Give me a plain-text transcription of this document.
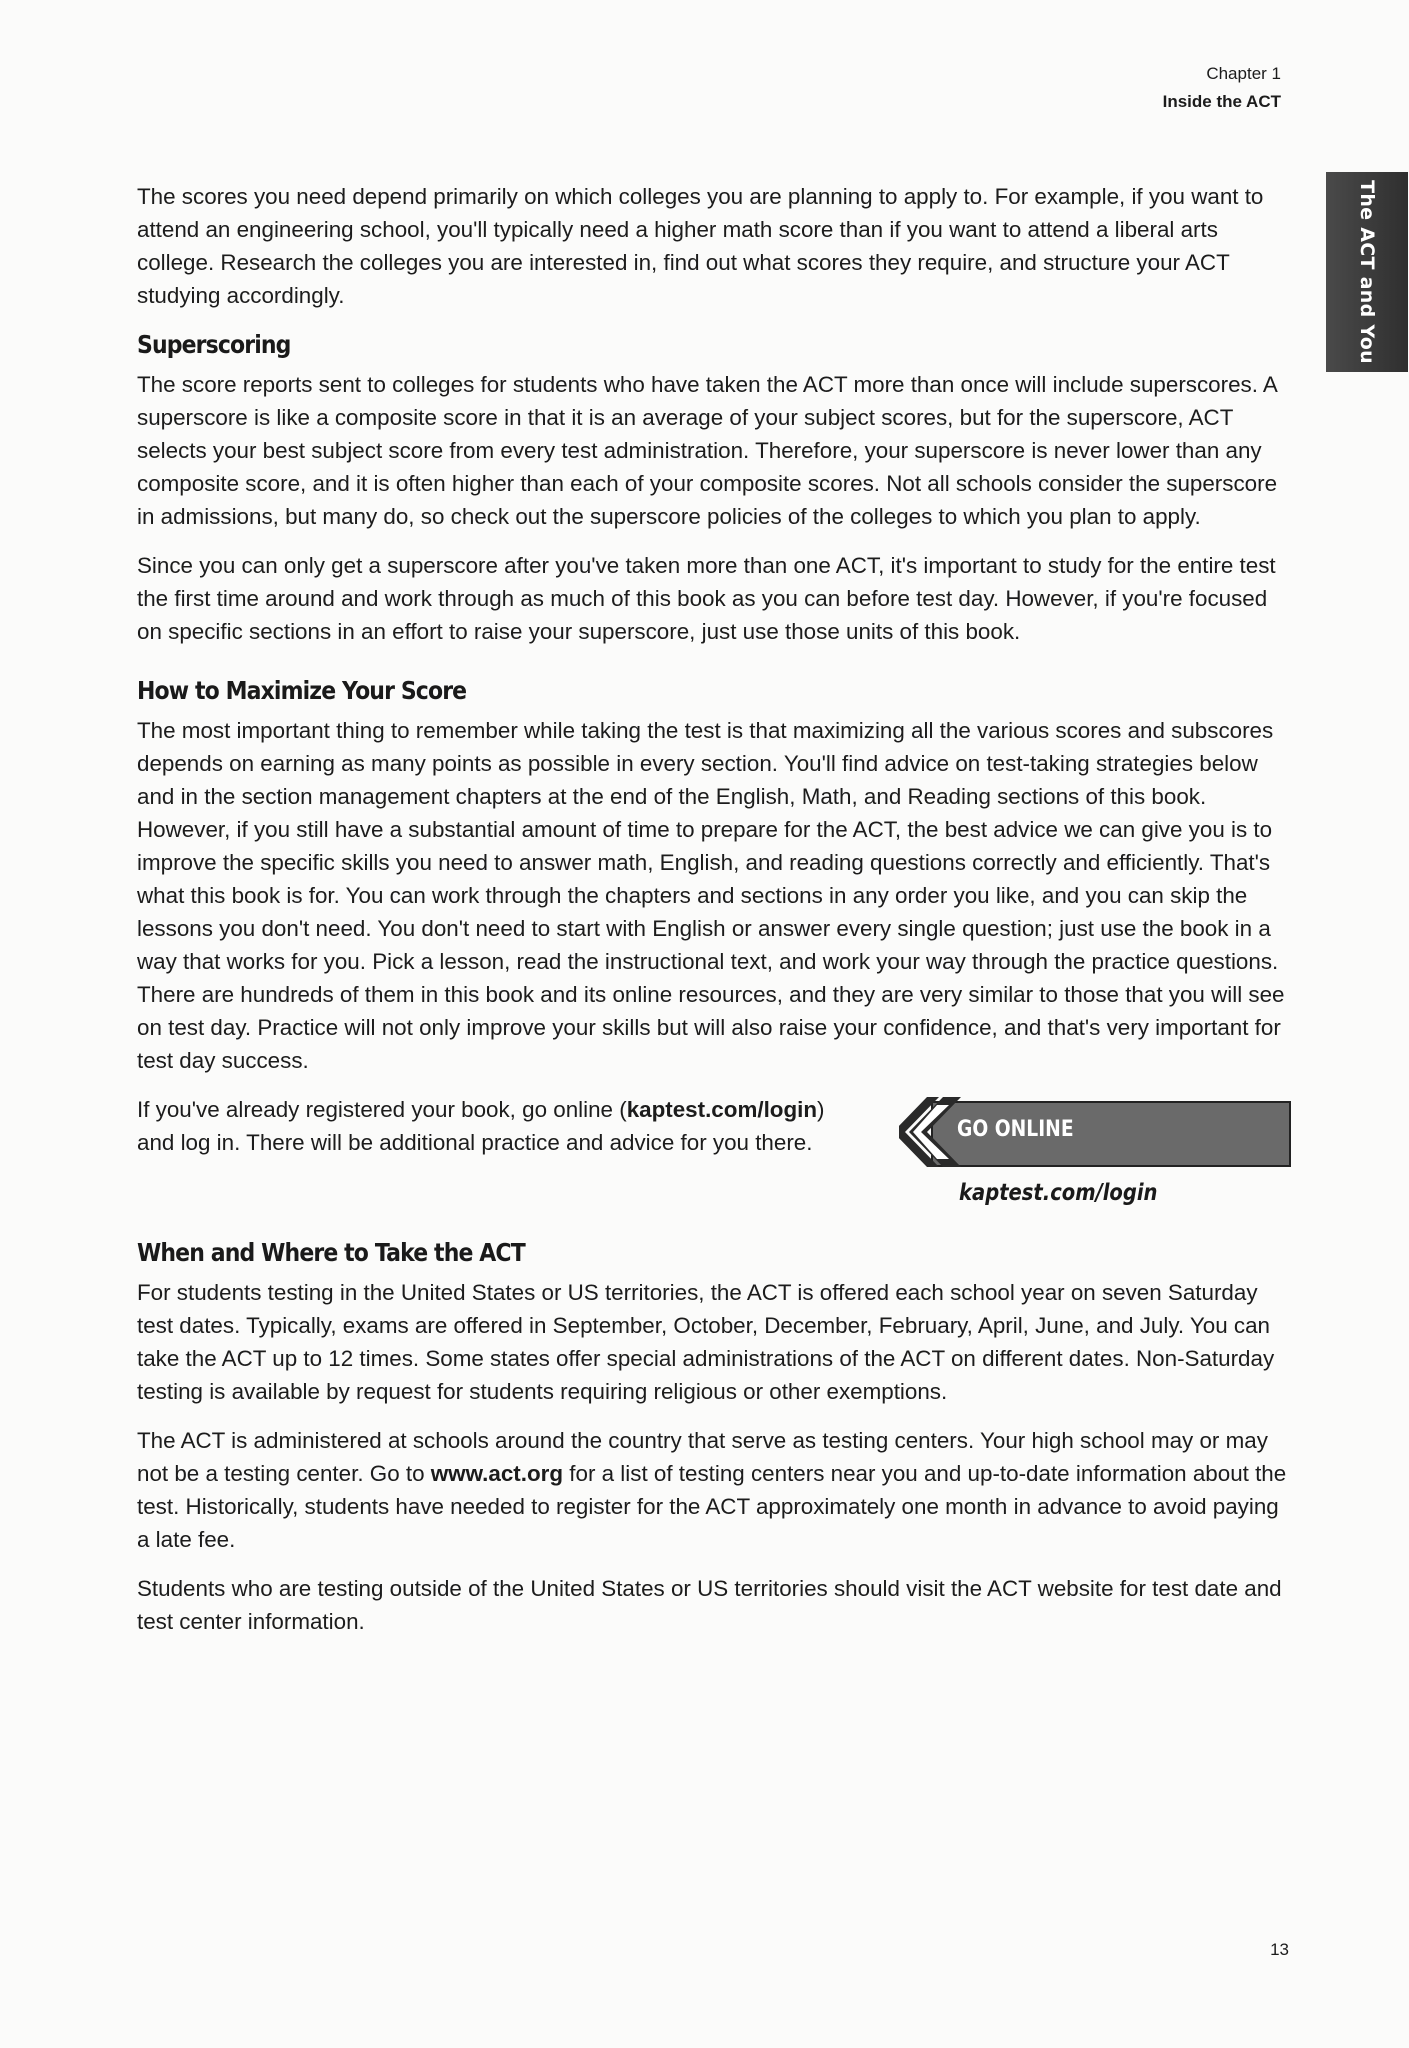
Chapter 1
Inside the ACT
The ACT and You

The scores you need depend primarily on which colleges you are planning to apply to. For example, if you want to attend an engineering school, you'll typically need a higher math score than if you want to attend a liberal arts college. Research the colleges you are interested in, find out what scores they require, and structure your ACT studying accordingly.

Superscoring

The score reports sent to colleges for students who have taken the ACT more than once will include superscores. A superscore is like a composite score in that it is an average of your subject scores, but for the superscore, ACT selects your best subject score from every test administration. Therefore, your superscore is never lower than any composite score, and it is often higher than each of your composite scores. Not all schools consider the superscore in admissions, but many do, so check out the superscore policies of the colleges to which you plan to apply.

Since you can only get a superscore after you've taken more than one ACT, it's important to study for the entire test the first time around and work through as much of this book as you can before test day. However, if you're focused on specific sections in an effort to raise your superscore, just use those units of this book.

How to Maximize Your Score

The most important thing to remember while taking the test is that maximizing all the various scores and subscores depends on earning as many points as possible in every section. You'll find advice on test-taking strategies below and in the section management chapters at the end of the English, Math, and Reading sections of this book. However, if you still have a substantial amount of time to prepare for the ACT, the best advice we can give you is to improve the specific skills you need to answer math, English, and reading questions correctly and efficiently. That's what this book is for. You can work through the chapters and sections in any order you like, and you can skip the lessons you don't need. You don't need to start with English or answer every single question; just use the book in a way that works for you. Pick a lesson, read the instructional text, and work your way through the practice questions. There are hundreds of them in this book and its online resources, and they are very similar to those that you will see on test day. Practice will not only improve your skills but will also raise your confidence, and that's very important for test day success.

If you've already registered your book, go online (kaptest.com/login) and log in. There will be additional practice and advice for you there.

GO ONLINE
kaptest.com/login
When and Where to Take the ACT

For students testing in the United States or US territories, the ACT is offered each school year on seven Saturday test dates. Typically, exams are offered in September, October, December, February, April, June, and July. You can take the ACT up to 12 times. Some states offer special administrations of the ACT on different dates. Non-Saturday testing is available by request for students requiring religious or other exemptions.

The ACT is administered at schools around the country that serve as testing centers. Your high school may or may not be a testing center. Go to www.act.org for a list of testing centers near you and up-to-date information about the test. Historically, students have needed to register for the ACT approximately one month in advance to avoid paying a late fee.

Students who are testing outside of the United States or US territories should visit the ACT website for test date and test center information.

13
